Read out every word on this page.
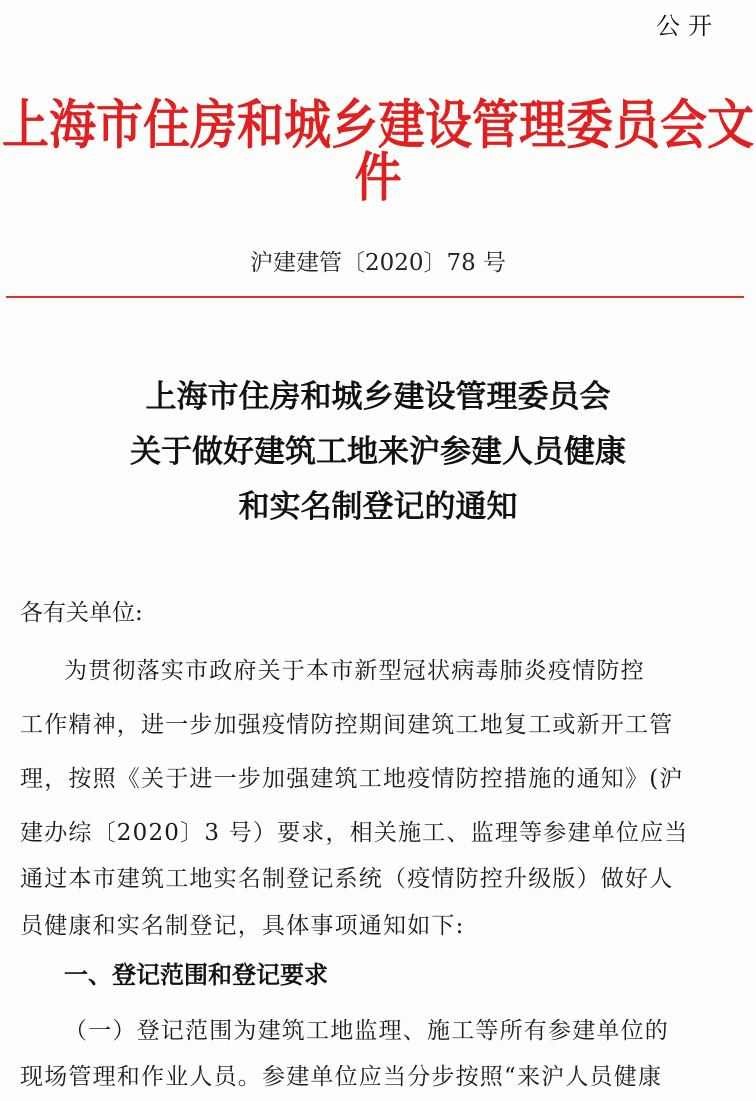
公开
上海市住房和城乡建设管理委员会文件
沪建建管〔2020〕78 号
上海市住房和城乡建设管理委员会
关于做好建筑工地来沪参建人员健康
和实名制登记的通知
各有关单位:
为贯彻落实市政府关于本市新型冠状病毒肺炎疫情防控
工作精神，进一步加强疫情防控期间建筑工地复工或新开工管
理，按照《关于进一步加强建筑工地疫情防控措施的通知》(沪
建办综〔2020〕3 号）要求，相关施工、监理等参建单位应当
通过本市建筑工地实名制登记系统（疫情防控升级版）做好人
员健康和实名制登记，具体事项通知如下:
一、登记范围和登记要求
（一）登记范围为建筑工地监理、施工等所有参建单位的
现场管理和作业人员。参建单位应当分步按照“来沪人员健康
